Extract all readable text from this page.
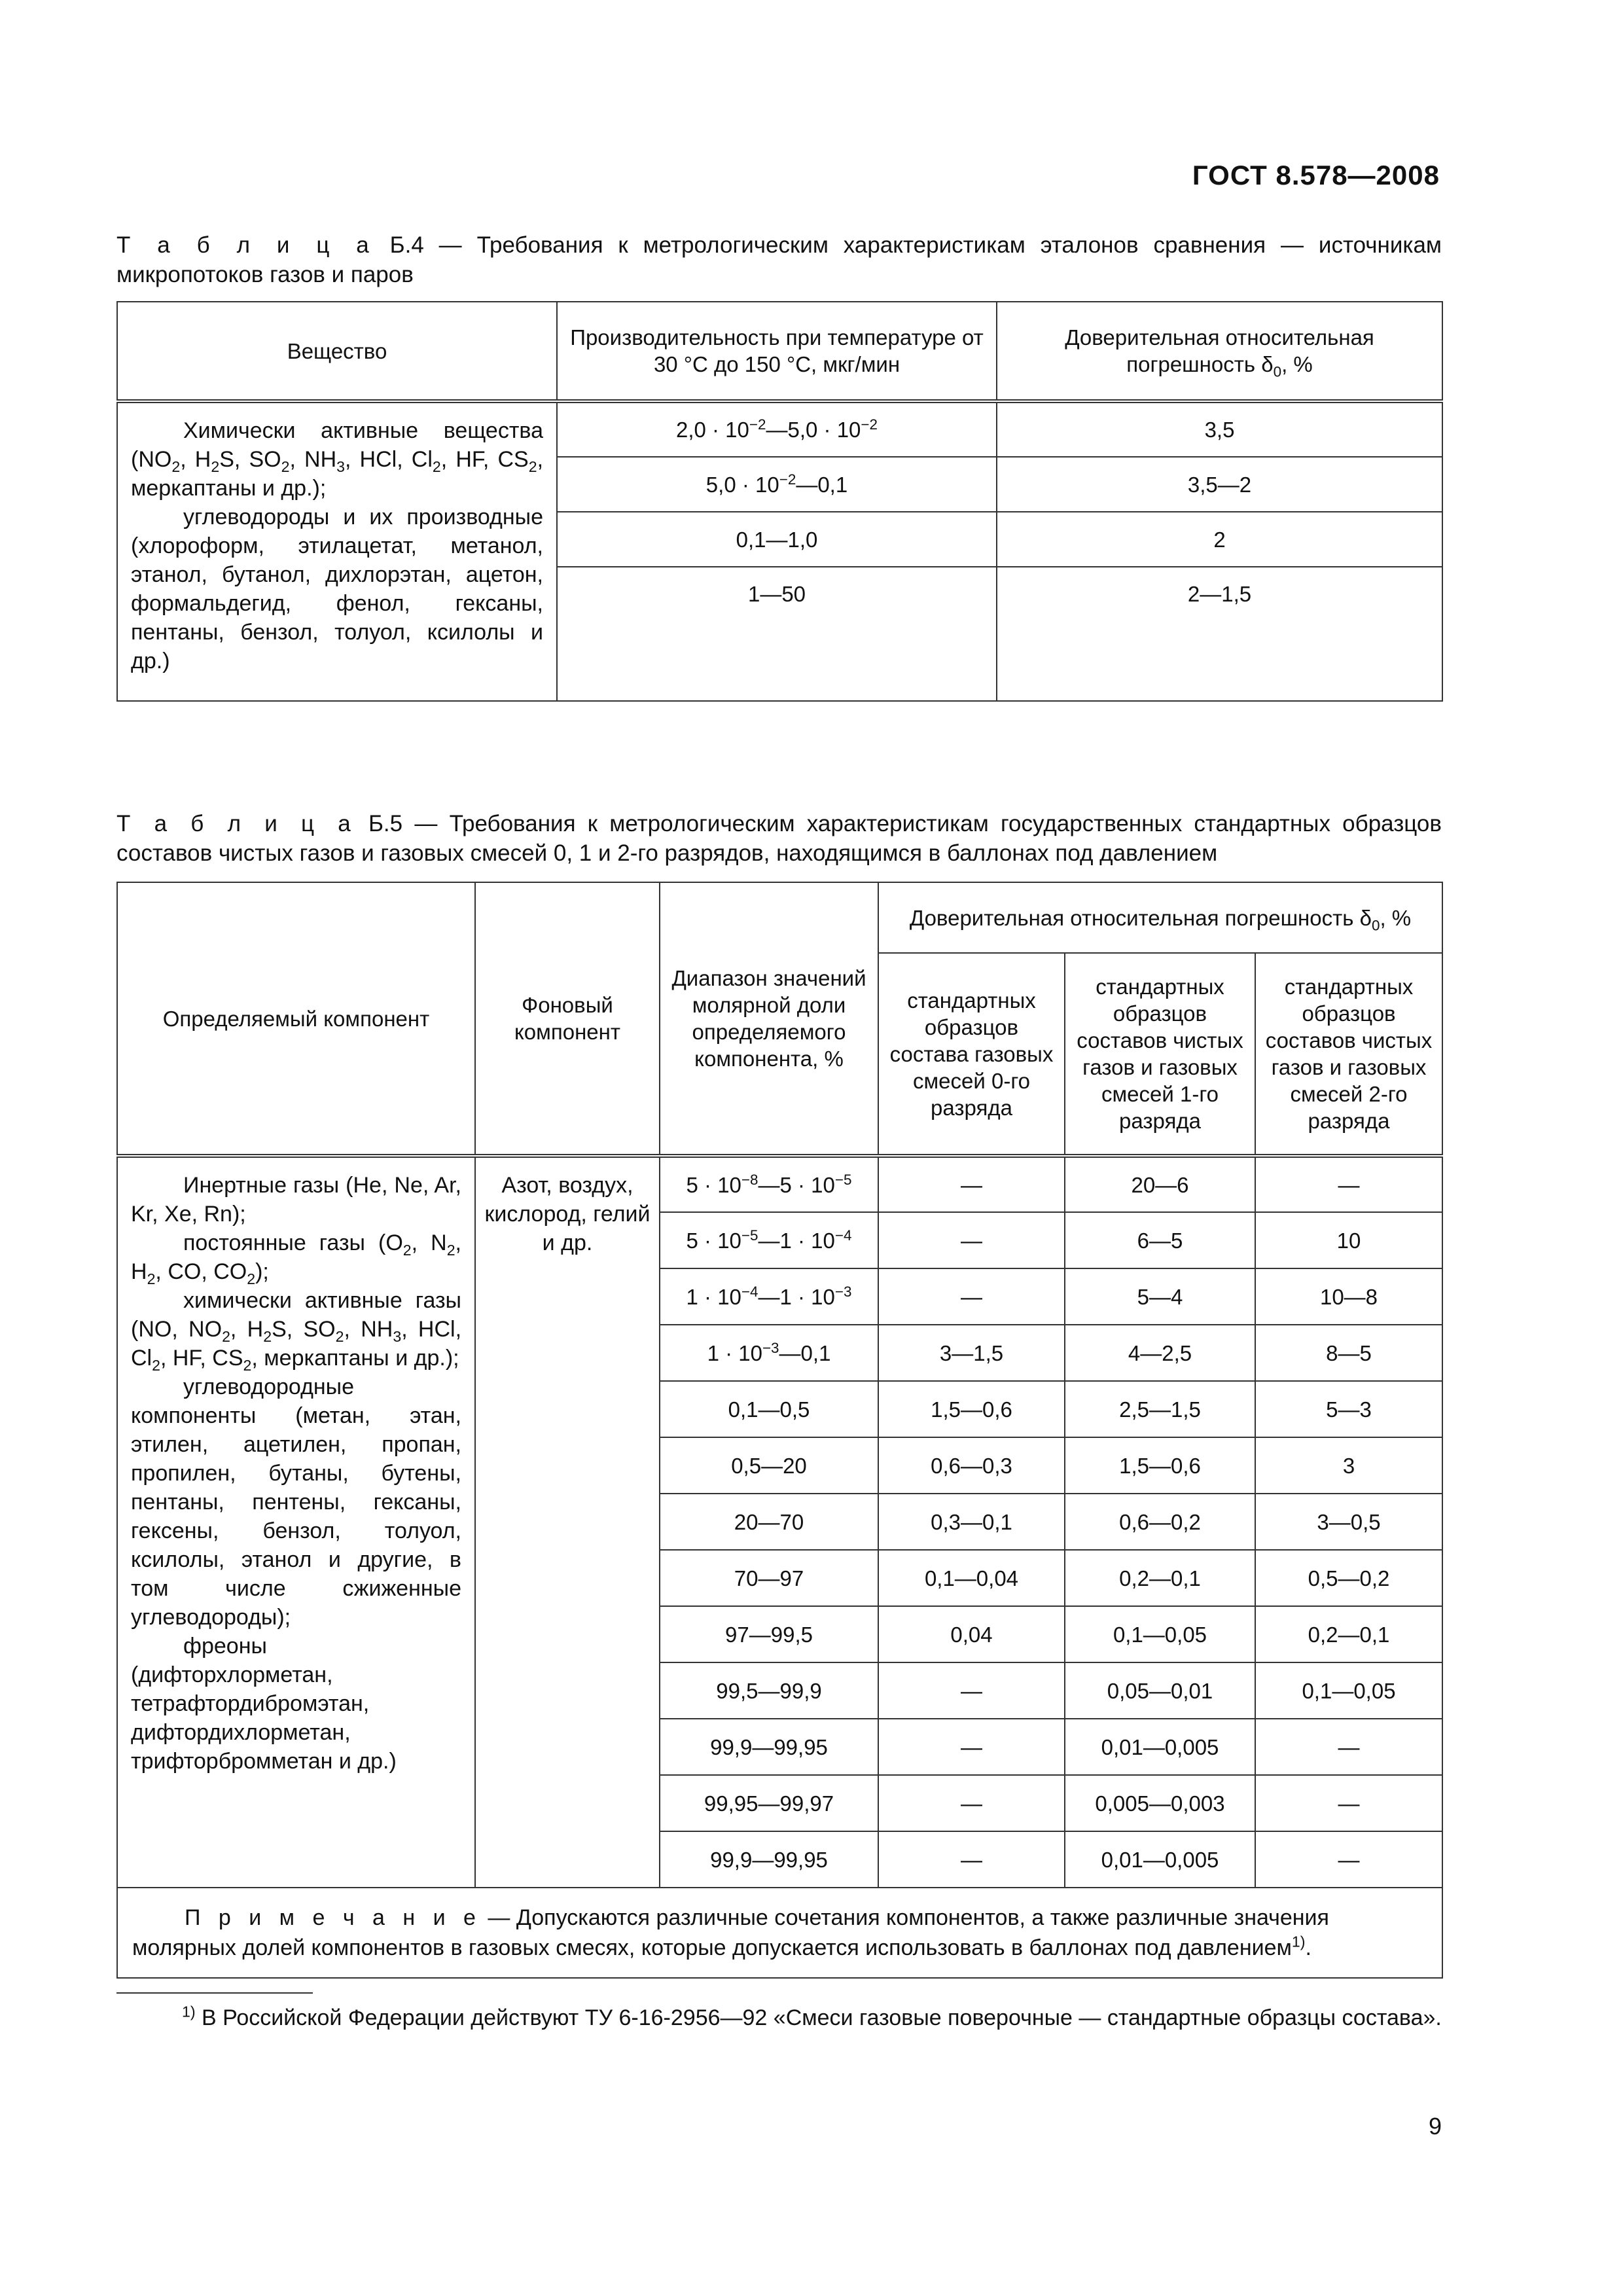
ГОСТ 8.578—2008
Т а б л и ц а Б.4 — Требования к метрологическим характеристикам эталонов сравнения — источникам микропотоков газов и паров
Вещество	Производительность при температуре от 30 °C до 150 °C, мкг/мин	Доверительная относительная погрешность $\delta_0$, %

Химически активные вещества ($NO_2$, $H_2S$, $SO_2$, $NH_3$, HCl, $Cl_2$, HF, $CS_2$, меркаптаны и др.);
углеводороды и их производные (хлороформ, этилацетат, метанол, этанол, бутанол, дихлорэтан, ацетон, формальдегид, фенол, гексаны, пентаны, бензол, толуол, ксилолы и др.)	$2,0 \cdot 10^{-2}—5,0 \cdot 10^{-2}$	3,5
	$5,0 \cdot 10^{-2}—0,1$	3,5—2
	0,1—1,0	2
	1—50	2—1,5
Т а б л и ц а Б.5 — Требования к метрологическим характеристикам государственных стандартных образцов составов чистых газов и газовых смесей 0, 1 и 2-го разрядов, находящимся в баллонах под давлением
Определяемый компонент	Фоновый компонент	Диапазон значений молярной доли определяемого компонента, %	Доверительная относительная погрешность $\delta_0$, %		
			стандартных образцов состава газовых смесей 0-го разряда	стандартных образцов составов чистых газов и газовых смесей 1-го разряда	стандартных образцов составов чистых газов и газовых смесей 2-го разряда

Инертные газы (He, Ne, Ar, Kr, Xe, Rn);
постоянные газы ($O_2$, $N_2$, $H_2$, CO, $CO_2$);
химически активные газы (NO, $NO_2$, $H_2S$, $SO_2$, $NH_3$, HCl, $Cl_2$, HF, $CS_2$, меркаптаны и др.);
углеводородные компоненты (метан, этан, этилен, ацетилен, пропан, пропилен, бутаны, бутены, пентаны, пентены, гексаны, гексены, бензол, толуол, ксилолы, этанол и другие, в том числе сжиженные углеводороды);
фреоны (дифторхлорметан, тетрафтордибромэтан, дифтордихлорметан, трифторбромметан и др.)	Азот, воздух, кислород, гелий и др.	$5 \cdot 10^{-8}—5 \cdot 10^{-5}$	—	20—6	—
		$5 \cdot 10^{-5}—1 \cdot 10^{-4}$	—	6—5	10
		$1 \cdot 10^{-4}—1 \cdot 10^{-3}$	—	5—4	10—8
		$1 \cdot 10^{-3}—0,1$	3—1,5	4—2,5	8—5
		0,1—0,5	1,5—0,6	2,5—1,5	5—3
		0,5—20	0,6—0,3	1,5—0,6	3
		20—70	0,3—0,1	0,6—0,2	3—0,5
		70—97	0,1—0,04	0,2—0,1	0,5—0,2
		97—99,5	0,04	0,1—0,05	0,2—0,1
		99,5—99,9	—	0,05—0,01	0,1—0,05
		99,9—99,95	—	0,01—0,005	—
		99,95—99,97	—	0,005—0,003	—
		99,9—99,95	—	0,01—0,005	—
П р и м е ч а н и е — Допускаются различные сочетания компонентов, а также различные значения молярных долей компонентов в газовых смесях, которые допускается использовать в баллонах под давлением$^{1)}$.					
$^{1)}$ В Российской Федерации действуют ТУ 6-16-2956—92 «Смеси газовые поверочные — стандартные образцы состава».
9
